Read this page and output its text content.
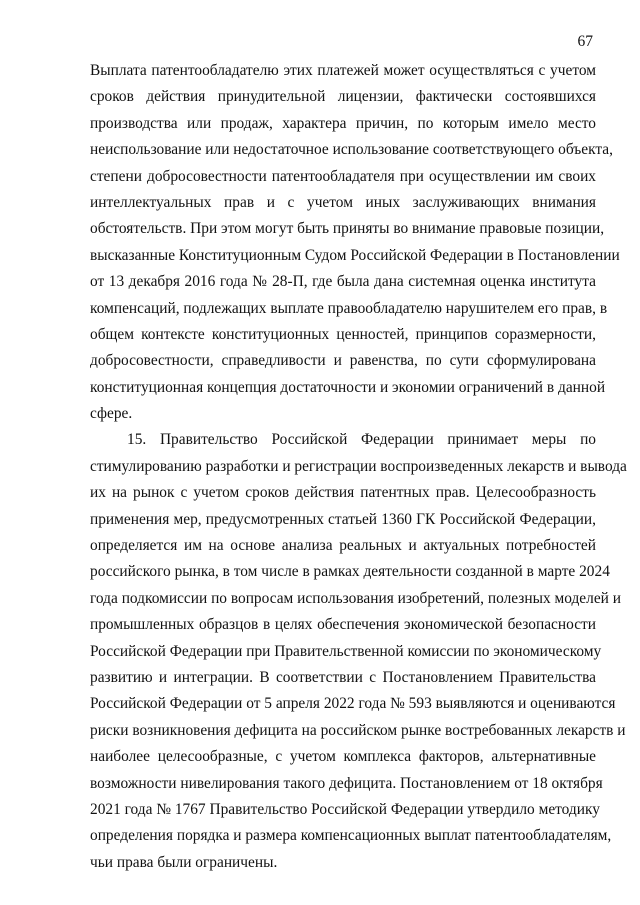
67
Выплата патентообладателю этих платежей может осуществляться с учетом
сроков действия принудительной лицензии, фактически состоявшихся
производства или продаж, характера причин, по которым имело место
неиспользование или недостаточное использование соответствующего объекта,
степени добросовестности патентообладателя при осуществлении им своих
интеллектуальных прав и с учетом иных заслуживающих внимания
обстоятельств. При этом могут быть приняты во внимание правовые позиции,
высказанные Конституционным Судом Российской Федерации в Постановлении
от 13 декабря 2016 года № 28-П, где была дана системная оценка института
компенсаций, подлежащих выплате правообладателю нарушителем его прав, в
общем контексте конституционных ценностей, принципов соразмерности,
добросовестности, справедливости и равенства, по сути сформулирована
конституционная концепция достаточности и экономии ограничений в данной
сфере.
15. Правительство Российской Федерации принимает меры по
стимулированию разработки и регистрации воспроизведенных лекарств и вывода
их на рынок с учетом сроков действия патентных прав. Целесообразность
применения мер, предусмотренных статьей 1360 ГК Российской Федерации,
определяется им на основе анализа реальных и актуальных потребностей
российского рынка, в том числе в рамках деятельности созданной в марте 2024
года подкомиссии по вопросам использования изобретений, полезных моделей и
промышленных образцов в целях обеспечения экономической безопасности
Российской Федерации при Правительственной комиссии по экономическому
развитию и интеграции. В соответствии с Постановлением Правительства
Российской Федерации от 5 апреля 2022 года № 593 выявляются и оцениваются
риски возникновения дефицита на российском рынке востребованных лекарств и
наиболее целесообразные, с учетом комплекса факторов, альтернативные
возможности нивелирования такого дефицита. Постановлением от 18 октября
2021 года № 1767 Правительство Российской Федерации утвердило методику
определения порядка и размера компенсационных выплат патентообладателям,
чьи права были ограничены.
